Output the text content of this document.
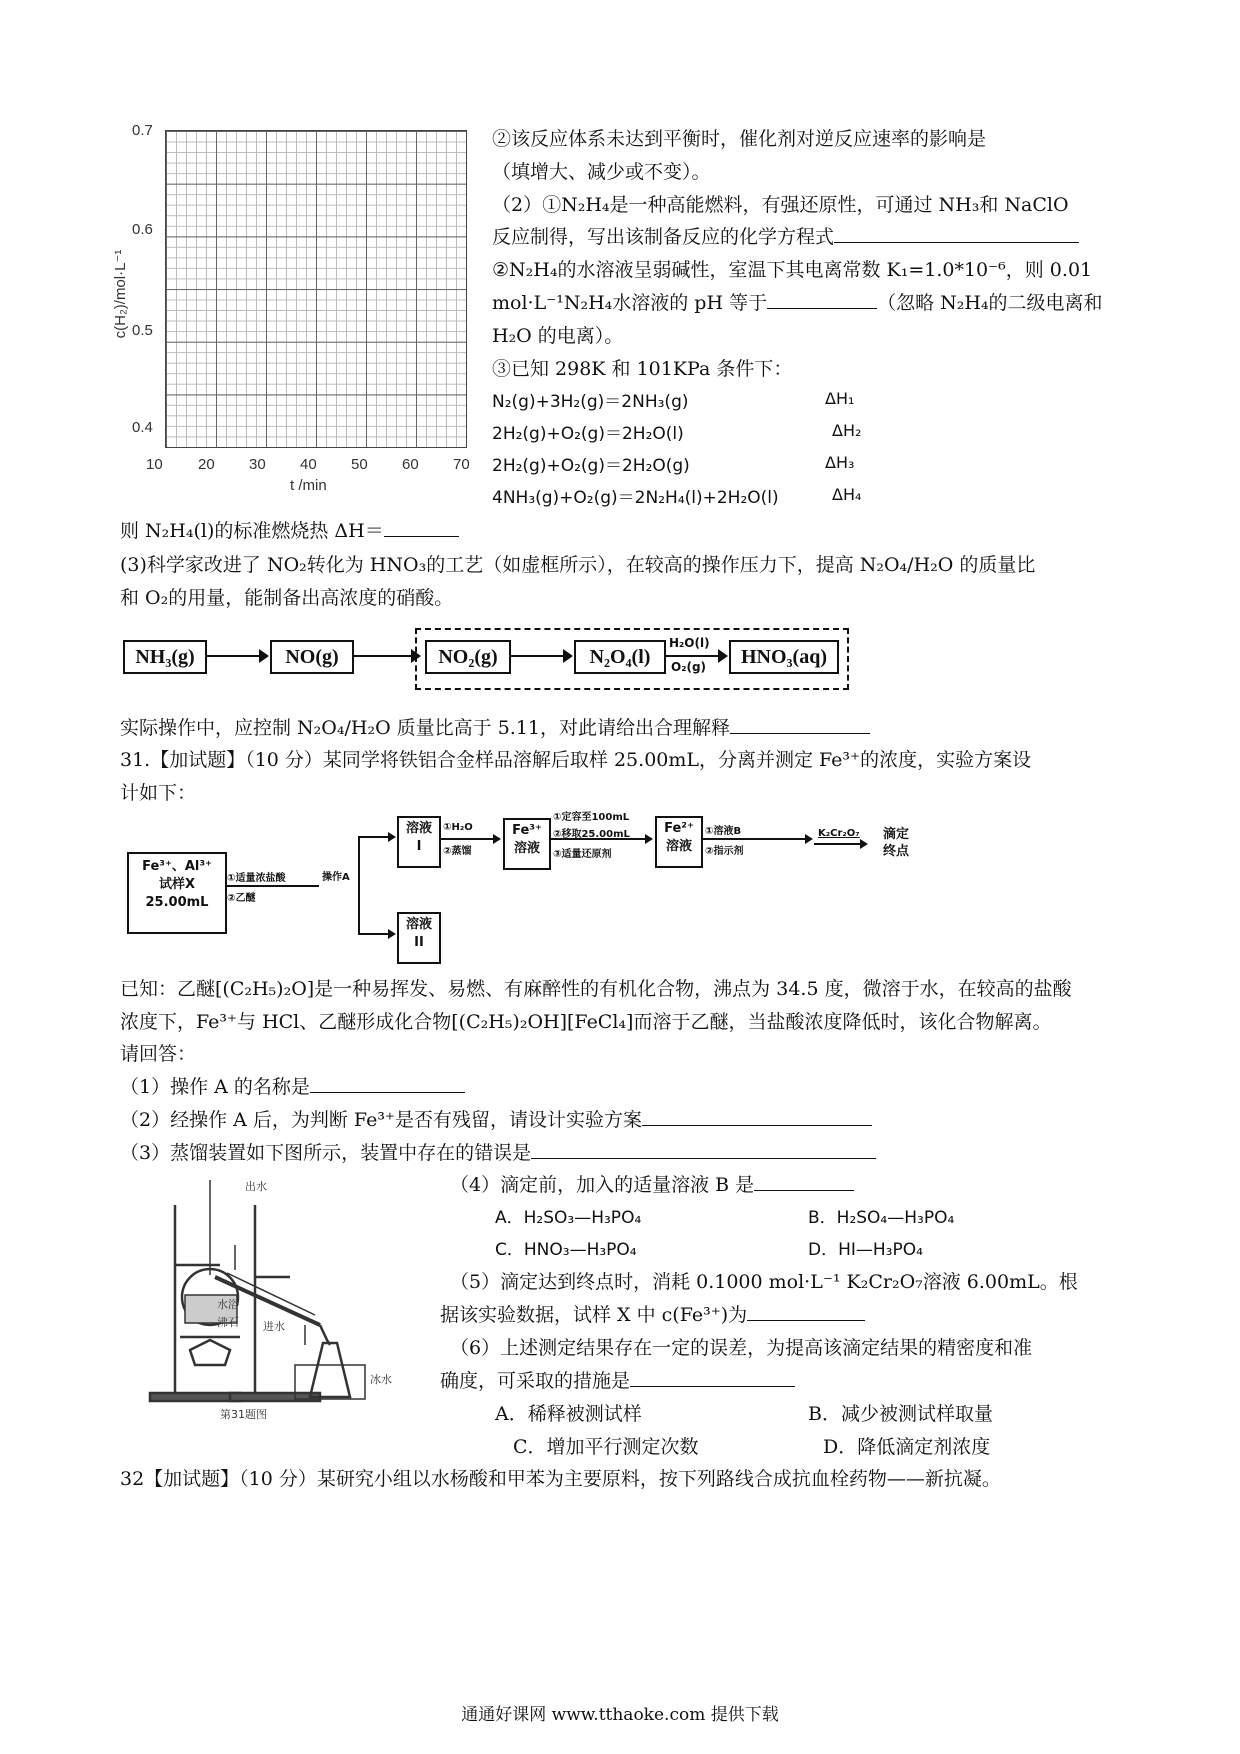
0.7
0.6
0.5
0.4
10 20 30 40 50 60 70
c(H₂)/mol·L⁻¹
t /min
②该反应体系未达到平衡时，催化剂对逆反应速率的影响是
（填增大、减少或不变）。
（2）①N₂H₄是一种高能燃料，有强还原性，可通过 NH₃和 NaClO
反应制得，写出该制备反应的化学方程式
②N₂H₄的水溶液呈弱碱性，室温下其电离常数 K₁=1.0*10⁻⁶，则 0.01
mol·L⁻¹N₂H₄水溶液的 pH 等于	（忽略 N₂H₄的二级电离和
H₂O 的电离）。
③已知 298K 和 101KPa 条件下：
N₂(g)+3H₂(g)＝2NH₃(g)	ΔH₁
2H₂(g)+O₂(g)＝2H₂O(l)	ΔH₂
2H₂(g)+O₂(g)＝2H₂O(g)	ΔH₃
4NH₃(g)+O₂(g)＝2N₂H₄(l)+2H₂O(l)	ΔH₄
则 N₂H₄(l)的标准燃烧热 ΔH＝
(3)科学家改进了 NO₂转化为 HNO₃的工艺（如虚框所示），在较高的操作压力下，提高 N₂O₄/H₂O 的质量比
和 O₂的用量，能制备出高浓度的硝酸。
NH₃(g)	NO(g)	NO₂(g)	N₂O₄(l)
H₂O(l)
O₂(g)	HNO₃(aq)
实际操作中，应控制 N₂O₄/H₂O 质量比高于 5.11，对此请给出合理解释
31.【加试题】（10 分）某同学将铁铝合金样品溶解后取样 25.00mL，分离并测定 Fe³⁺的浓度，实验方案设
计如下：
Fe³⁺、Al³⁺
试样X
25.00mL
①适量浓盐酸
②乙醚
操作A
溶液
I
溶液
II
①H₂O
②蒸馏
Fe³⁺
溶液
①定容至100mL
②移取25.00mL
③适量还原剂
Fe²⁺
溶液
①溶液B
②指示剂
K₂Cr₂O₇ 滴定
终点
已知：乙醚[(C₂H₅)₂O]是一种易挥发、易燃、有麻醉性的有机化合物，沸点为 34.5 度，微溶于水，在较高的盐酸
浓度下，Fe³⁺与 HCl、乙醚形成化合物[(C₂H₅)₂OH][FeCl₄]而溶于乙醚，当盐酸浓度降低时，该化合物解离。
请回答：
（1）操作 A 的名称是
（2）经操作 A 后，为判断 Fe³⁺是否有残留，请设计实验方案
（3）蒸馏装置如下图所示，装置中存在的错误是
出水
水浴
沸石 进水
冰水
第31题图
（4）滴定前，加入的适量溶液 B 是
A．H₂SO₃—H₃PO₄	B．H₂SO₄—H₃PO₄
C．HNO₃—H₃PO₄	D．HI—H₃PO₄
（5）滴定达到终点时，消耗 0.1000 mol·L⁻¹ K₂Cr₂O₇溶液 6.00mL。根
据该实验数据，试样 X 中 c(Fe³⁺)为
（6）上述测定结果存在一定的误差，为提高该滴定结果的精密度和准
确度，可采取的措施是
A．稀释被测试样	B．减少被测试样取量
C．增加平行测定次数	D．降低滴定剂浓度
32【加试题】（10 分）某研究小组以水杨酸和甲苯为主要原料，按下列路线合成抗血栓药物——新抗凝。
通通好课网 www.tthaoke.com 提供下载
